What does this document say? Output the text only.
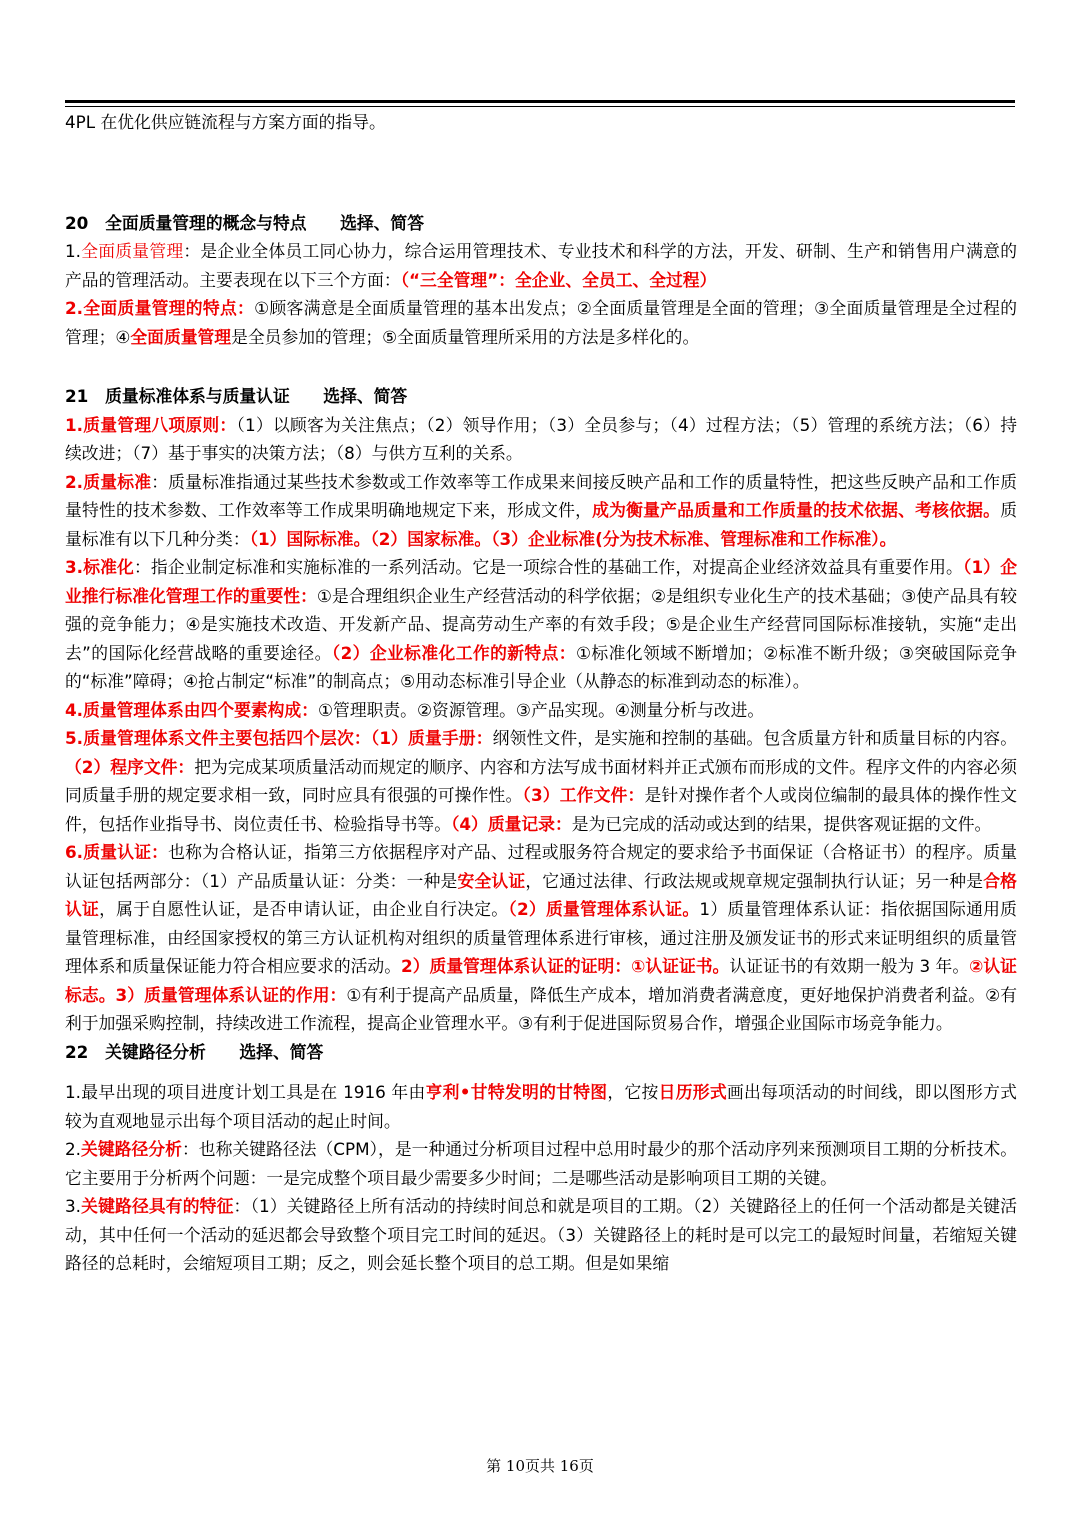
4PL 在优化供应链流程与方案方面的指导。

20　全面质量管理的概念与特点　　选择、简答

1.全面质量管理：是企业全体员工同心协力，综合运用管理技术、专业技术和科学的方法，开发、研制、生产和销售用户满意的产品的管理活动。主要表现在以下三个方面：（“三全管理”：全企业、全员工、全过程）

2.全面质量管理的特点：①顾客满意是全面质量管理的基本出发点；②全面质量管理是全面的管理；③全面质量管理是全过程的管理；④全面质量管理是全员参加的管理；⑤全面质量管理所采用的方法是多样化的。

21　质量标准体系与质量认证　　选择、简答

1.质量管理八项原则：（1）以顾客为关注焦点；（2）领导作用；（3）全员参与；（4）过程方法；（5）管理的系统方法；（6）持续改进；（7）基于事实的决策方法；（8）与供方互利的关系。

2.质量标准：质量标准指通过某些技术参数或工作效率等工作成果来间接反映产品和工作的质量特性，把这些反映产品和工作质量特性的技术参数、工作效率等工作成果明确地规定下来，形成文件，成为衡量产品质量和工作质量的技术依据、考核依据。质量标准有以下几种分类：（1）国际标准。（2）国家标准。（3）企业标准(分为技术标准、管理标准和工作标准）。

3.标准化：指企业制定标准和实施标准的一系列活动。它是一项综合性的基础工作，对提高企业经济效益具有重要作用。（1）企业推行标准化管理工作的重要性：①是合理组织企业生产经营活动的科学依据；②是组织专业化生产的技术基础；③使产品具有较强的竞争能力；④是实施技术改造、开发新产品、提高劳动生产率的有效手段；⑤是企业生产经营同国际标准接轨，实施“走出去”的国际化经营战略的重要途径。（2）企业标准化工作的新特点：①标准化领域不断增加；②标准不断升级；③突破国际竞争的“标准”障碍；④抢占制定“标准”的制高点；⑤用动态标准引导企业（从静态的标准到动态的标准）。

4.质量管理体系由四个要素构成：①管理职责。②资源管理。③产品实现。④测量分析与改进。

5.质量管理体系文件主要包括四个层次：（1）质量手册：纲领性文件，是实施和控制的基础。包含质量方针和质量目标的内容。（2）程序文件：把为完成某项质量活动而规定的顺序、内容和方法写成书面材料并正式颁布而形成的文件。程序文件的内容必须同质量手册的规定要求相一致，同时应具有很强的可操作性。（3）工作文件：是针对操作者个人或岗位编制的最具体的操作性文件，包括作业指导书、岗位责任书、检验指导书等。（4）质量记录：是为已完成的活动或达到的结果，提供客观证据的文件。

6.质量认证：也称为合格认证，指第三方依据程序对产品、过程或服务符合规定的要求给予书面保证（合格证书）的程序。质量认证包括两部分：（1）产品质量认证：分类：一种是安全认证，它通过法律、行政法规或规章规定强制执行认证；另一种是合格认证，属于自愿性认证，是否申请认证，由企业自行决定。（2）质量管理体系认证。1）质量管理体系认证：指依据国际通用质量管理标准，由经国家授权的第三方认证机构对组织的质量管理体系进行审核，通过注册及颁发证书的形式来证明组织的质量管理体系和质量保证能力符合相应要求的活动。2）质量管理体系认证的证明：①认证证书。认证证书的有效期一般为 3 年。②认证标志。3）质量管理体系认证的作用：①有利于提高产品质量，降低生产成本，增加消费者满意度，更好地保护消费者利益。②有利于加强采购控制，持续改进工作流程，提高企业管理水平。③有利于促进国际贸易合作，增强企业国际市场竞争能力。

22　关键路径分析　　选择、简答

1.最早出现的项目进度计划工具是在 1916 年由亨利•甘特发明的甘特图，它按日历形式画出每项活动的时间线，即以图形方式较为直观地显示出每个项目活动的起止时间。

2.关键路径分析：也称关键路径法（CPM），是一种通过分析项目过程中总用时最少的那个活动序列来预测项目工期的分析技术。它主要用于分析两个问题：一是完成整个项目最少需要多少时间；二是哪些活动是影响项目工期的关键。

3.关键路径具有的特征：（1）关键路径上所有活动的持续时间总和就是项目的工期。（2）关键路径上的任何一个活动都是关键活动，其中任何一个活动的延迟都会导致整个项目完工时间的延迟。（3）关键路径上的耗时是可以完工的最短时间量，若缩短关键路径的总耗时，会缩短项目工期；反之，则会延长整个项目的总工期。但是如果缩

第 10页共 16页
